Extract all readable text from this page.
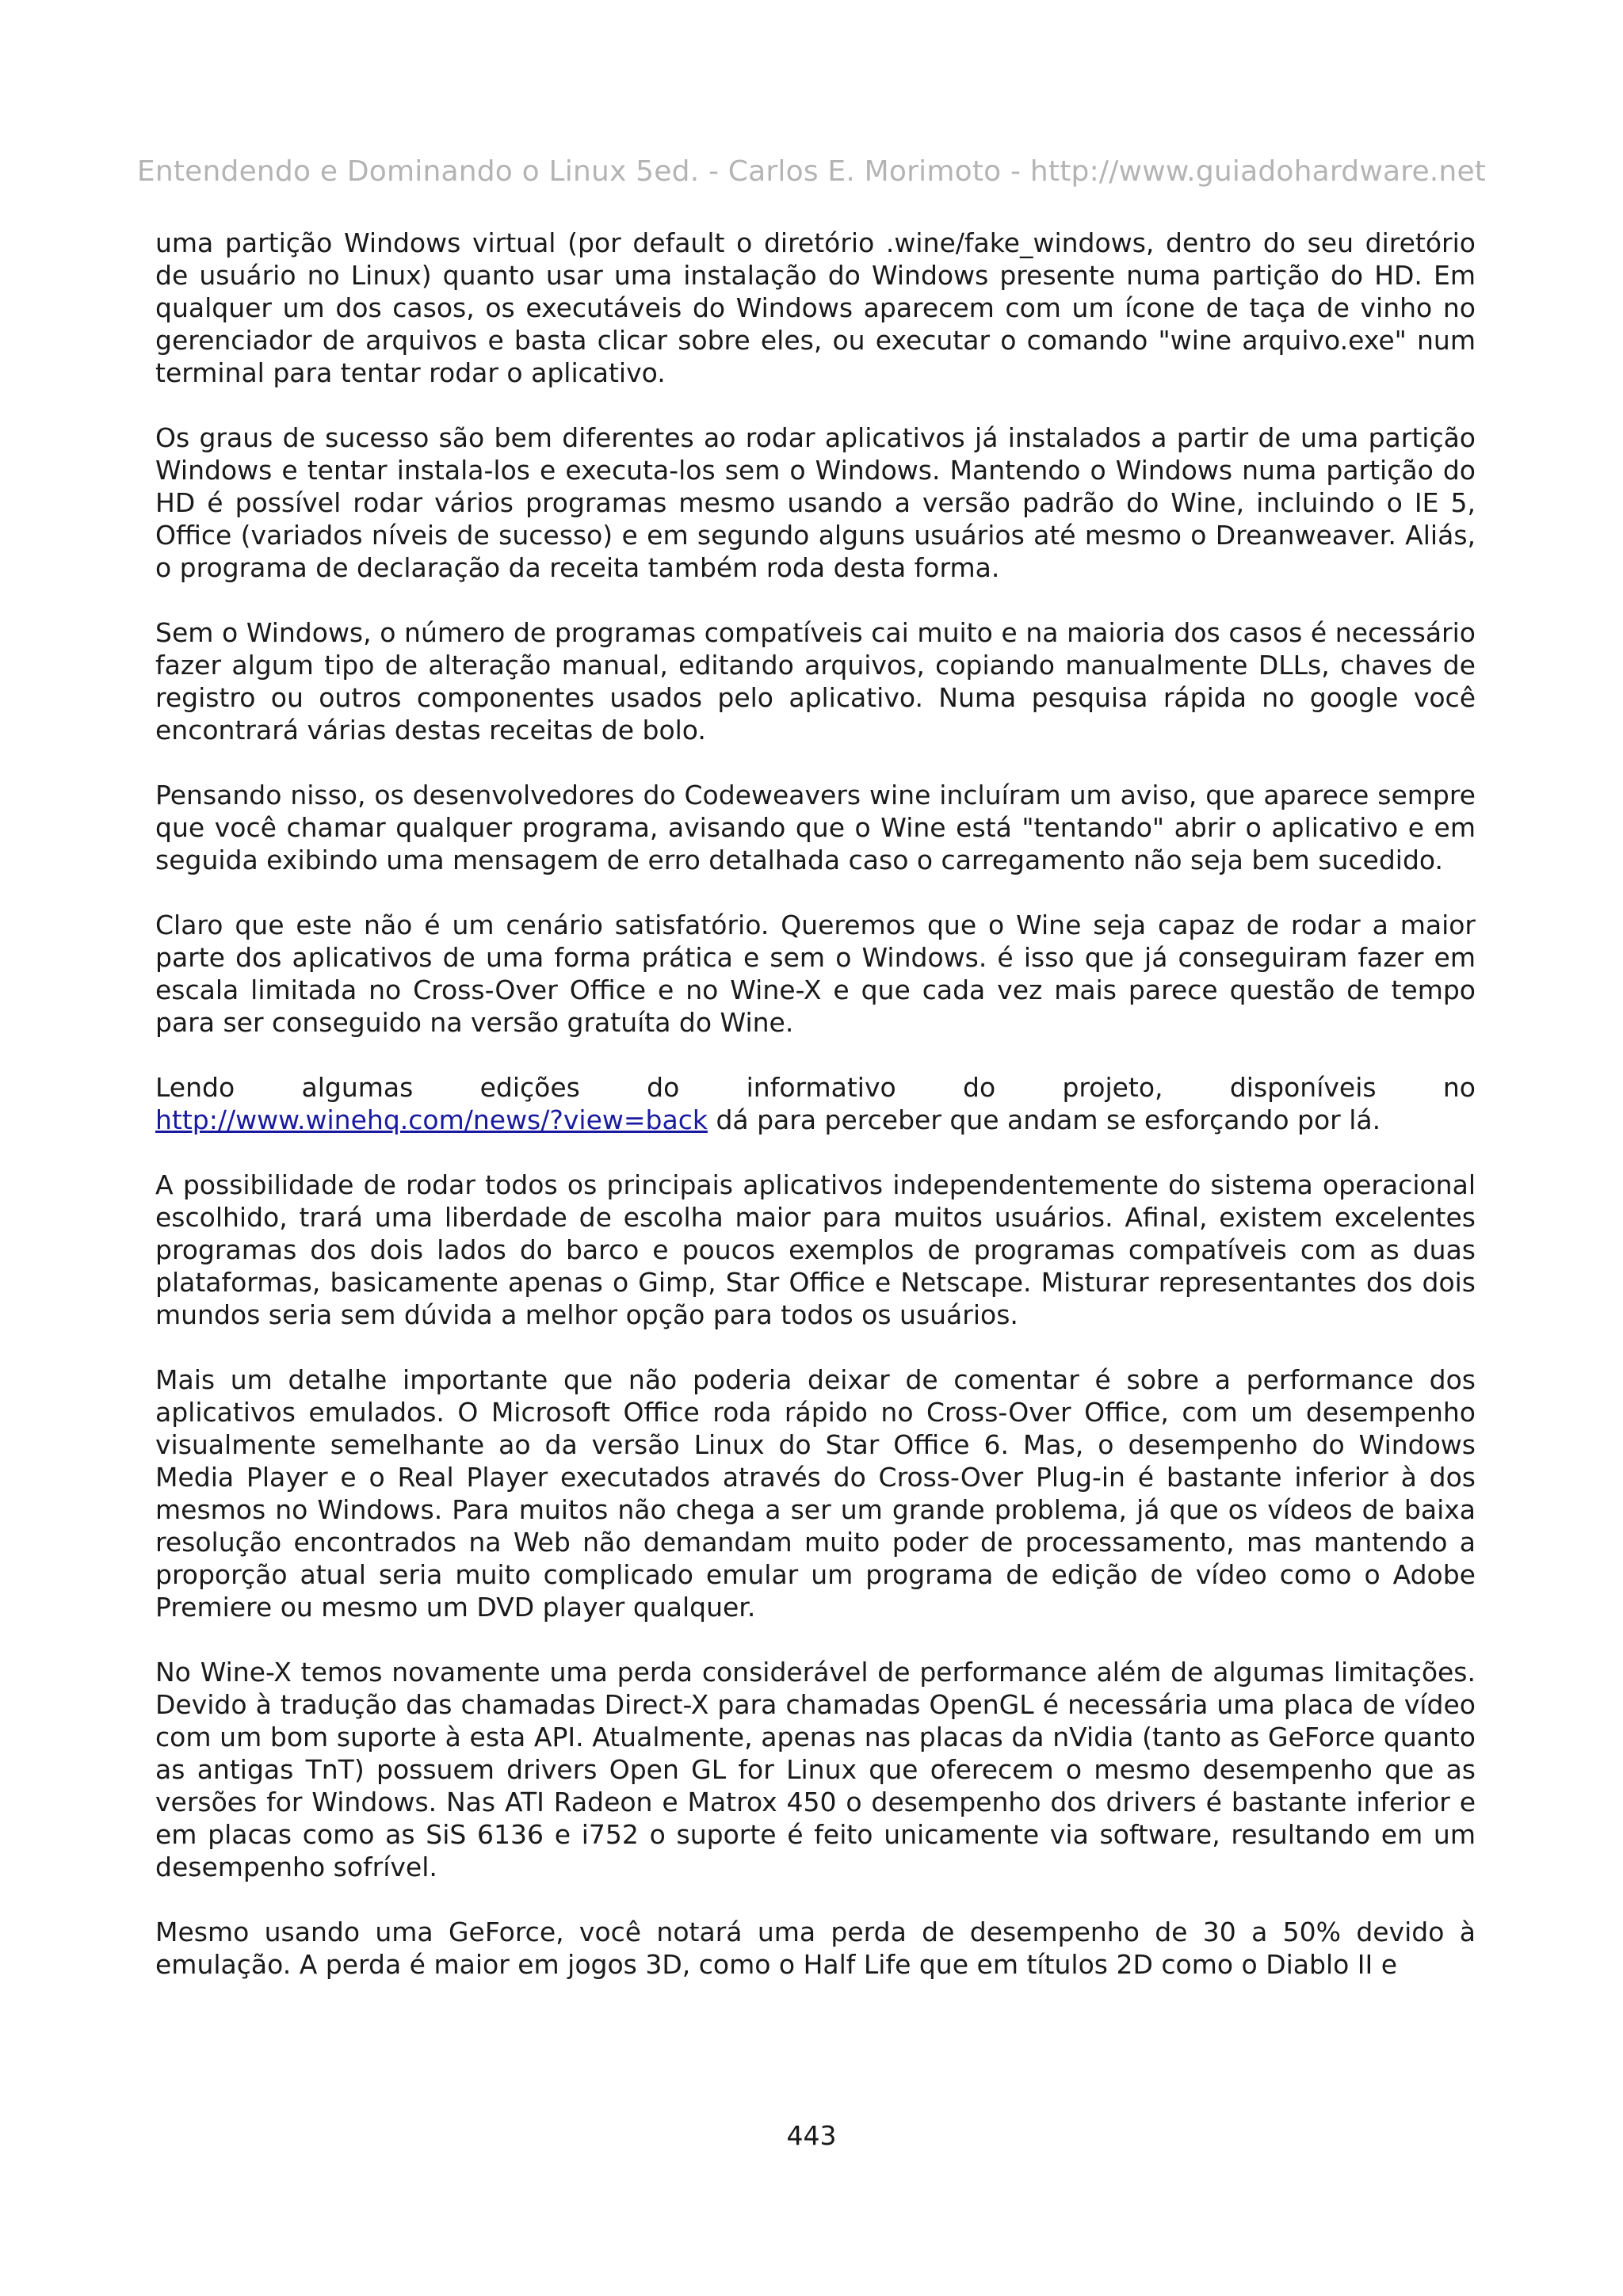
Entendendo e Dominando o Linux 5ed. - Carlos E. Morimoto - http://www.guiadohardware.net

uma partição Windows virtual (por default o diretório .wine/fake_windows, dentro do seu diretório de usuário no Linux) quanto usar uma instalação do Windows presente numa partição do HD. Em qualquer um dos casos, os executáveis do Windows aparecem com um ícone de taça de vinho no gerenciador de arquivos e basta clicar sobre eles, ou executar o comando "wine arquivo.exe" num terminal para tentar rodar o aplicativo.

Os graus de sucesso são bem diferentes ao rodar aplicativos já instalados a partir de uma partição Windows e tentar instala-los e executa-los sem o Windows. Mantendo o Windows numa partição do HD é possível rodar vários programas mesmo usando a versão padrão do Wine, incluindo o IE 5, Office (variados níveis de sucesso) e em segundo alguns usuários até mesmo o Dreanweaver. Aliás, o programa de declaração da receita também roda desta forma.

Sem o Windows, o número de programas compatíveis cai muito e na maioria dos casos é necessário fazer algum tipo de alteração manual, editando arquivos, copiando manualmente DLLs, chaves de registro ou outros componentes usados pelo aplicativo. Numa pesquisa rápida no google você encontrará várias destas receitas de bolo.

Pensando nisso, os desenvolvedores do Codeweavers wine incluíram um aviso, que aparece sempre que você chamar qualquer programa, avisando que o Wine está "tentando" abrir o aplicativo e em seguida exibindo uma mensagem de erro detalhada caso o carregamento não seja bem sucedido.

Claro que este não é um cenário satisfatório. Queremos que o Wine seja capaz de rodar a maior parte dos aplicativos de uma forma prática e sem o Windows. é isso que já conseguiram fazer em escala limitada no Cross-Over Office e no Wine-X e que cada vez mais parece questão de tempo para ser conseguido na versão gratuíta do Wine.

Lendo algumas edições do informativo do projeto, disponíveis no
http://www.winehq.com/news/?view=back dá para perceber que andam se esforçando por lá.

A possibilidade de rodar todos os principais aplicativos independentemente do sistema operacional escolhido, trará uma liberdade de escolha maior para muitos usuários. Afinal, existem excelentes programas dos dois lados do barco e poucos exemplos de programas compatíveis com as duas plataformas, basicamente apenas o Gimp, Star Office e Netscape. Misturar representantes dos dois mundos seria sem dúvida a melhor opção para todos os usuários.

Mais um detalhe importante que não poderia deixar de comentar é sobre a performance dos aplicativos emulados. O Microsoft Office roda rápido no Cross-Over Office, com um desempenho visualmente semelhante ao da versão Linux do Star Office 6. Mas, o desempenho do Windows Media Player e o Real Player executados através do Cross-Over Plug-in é bastante inferior à dos mesmos no Windows. Para muitos não chega a ser um grande problema, já que os vídeos de baixa resolução encontrados na Web não demandam muito poder de processamento, mas mantendo a proporção atual seria muito complicado emular um programa de edição de vídeo como o Adobe Premiere ou mesmo um DVD player qualquer.

No Wine-X temos novamente uma perda considerável de performance além de algumas limitações. Devido à tradução das chamadas Direct-X para chamadas OpenGL é necessária uma placa de vídeo com um bom suporte à esta API. Atualmente, apenas nas placas da nVidia (tanto as GeForce quanto as antigas TnT) possuem drivers Open GL for Linux que oferecem o mesmo desempenho que as versões for Windows. Nas ATI Radeon e Matrox 450 o desempenho dos drivers é bastante inferior e em placas como as SiS 6136 e i752 o suporte é feito unicamente via software, resultando em um desempenho sofrível.

Mesmo usando uma GeForce, você notará uma perda de desempenho de 30 a 50% devido à emulação. A perda é maior em jogos 3D, como o Half Life que em títulos 2D como o Diablo II e

443
